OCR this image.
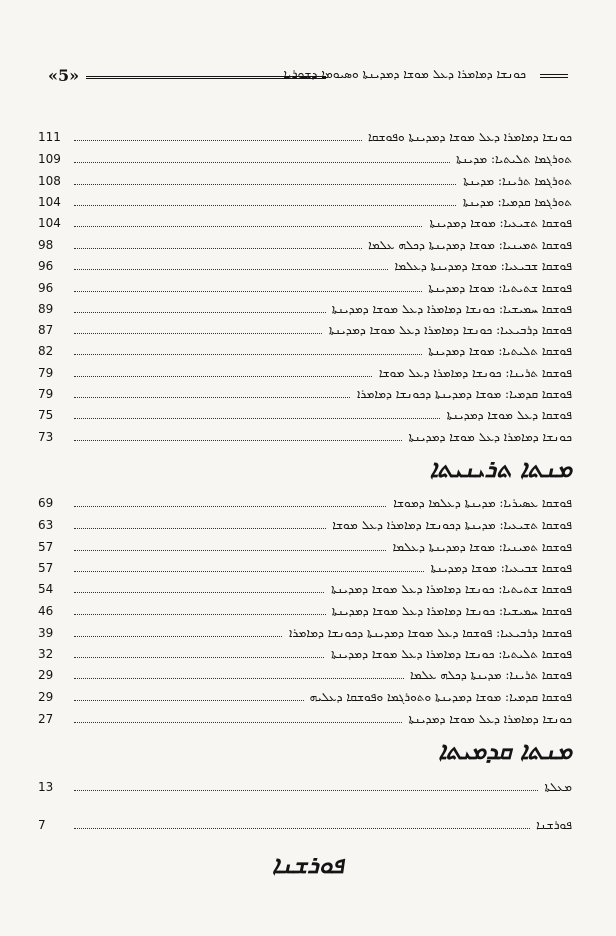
«5»	ܟܘܢܫܐ ܕܡܐܡܪܐ ܕܥܠ ܡܘܫܐ ܕܡܕܝܢܬܐ ܘܣܝܘܡܐ ܕܫܘܪܝܐ
111	ܟܘܢܫܐ ܕܡܐܡܪܐ ܕܥܠ ܡܘܫܐ ܕܡܕܝܢܬܐ ܘܦܘܫܩܐ
109	ܬܘܪܓܡܐ ܬܠܝܬܝܐ: ܡܕܝܢܬܐ
108	ܬܘܪܓܡܐ ܬܪܝܢܐ: ܡܕܝܢܬܐ
104	ܬܘܪܓܡܐ ܩܕܡܝܐ: ܡܕܝܢܬܐ
104	ܦܘܫܩܐ ܬܫܝܥܝܐ: ܡܘܫܐ ܕܡܕܝܢܬܐ
98	ܦܘܫܩܐ ܬܡܝܢܝܐ: ܡܘܫܐ ܕܡܕܝܢܬܐ ܕܟܠܗ ܥܠܡܐ
96	ܦܘܫܩܐ ܫܒܝܥܝܐ: ܡܘܫܐ ܕܡܕܝܢܬܐ ܕܥܠܡܐ
96	ܦܘܫܩܐ ܫܬܝܬܝܐ: ܡܘܫܐ ܕܡܕܝܢܬܐ
89	ܦܘܫܩܐ ܚܡܝܫܝܐ: ܟܘܢܫܐ ܕܡܐܡܪܐ ܕܥܠ ܡܘܫܐ ܕܡܕܝܢܬܐ
87	ܦܘܫܩܐ ܕܪܒܝܥܝܐ: ܟܘܢܫܐ ܕܡܐܡܪܐ ܕܥܠ ܡܘܫܐ ܕܡܕܝܢܬܐ
82	ܦܘܫܩܐ ܬܠܝܬܝܐ: ܡܘܫܐ ܕܡܕܝܢܬܐ
79	ܦܘܫܩܐ ܬܪܝܢܐ: ܟܘܢܫܐ ܕܡܐܡܪܐ ܕܥܠ ܡܘܫܐ
79	ܦܘܫܩܐ ܩܕܡܝܐ: ܡܘܫܐ ܕܡܕܝܢܬܐ ܕܟܘܢܫܐ ܕܡܐܡܪܐ
75	ܦܘܫܩܐ ܕܥܠ ܡܘܫܐ ܕܡܕܝܢܬܐ
73	ܟܘܢܫܐ ܕܡܐܡܪܐ ܕܥܠ ܡܘܫܐ ܕܡܕܝܢܬܐ
ܡܢܬܐ ܬܪܝܢܝܬܐ
69	ܦܘܫܩܐ ܥܣܝܪܝܐ: ܡܕܝܢܬܐ ܕܥܠܡܐ ܕܡܘܫܐ
63	ܦܘܫܩܐ ܬܫܝܥܝܐ: ܡܕܝܢܬܐ ܕܟܘܢܫܐ ܕܡܐܡܪܐ ܕܥܠ ܡܘܫܐ
57	ܦܘܫܩܐ ܬܡܝܢܝܐ: ܡܘܫܐ ܕܡܕܝܢܬܐ ܕܥܠܡܐ
57	ܦܘܫܩܐ ܫܒܝܥܝܐ: ܡܘܫܐ ܕܡܕܝܢܬܐ
54	ܦܘܫܩܐ ܫܬܝܬܝܐ: ܟܘܢܫܐ ܕܡܐܡܪܐ ܕܥܠ ܡܘܫܐ ܕܡܕܝܢܬܐ
46	ܦܘܫܩܐ ܚܡܝܫܝܐ: ܟܘܢܫܐ ܕܡܐܡܪܐ ܕܥܠ ܡܘܫܐ ܕܡܕܝܢܬܐ
39	ܦܘܫܩܐ ܕܪܒܝܥܝܐ: ܦܘܫܩܐ ܕܥܠ ܡܘܫܐ ܕܡܕܝܢܬܐ ܕܟܘܢܫܐ ܕܡܐܡܪܐ
32	ܦܘܫܩܐ ܬܠܝܬܝܐ: ܟܘܢܫܐ ܕܡܐܡܪܐ ܕܥܠ ܡܘܫܐ ܕܡܕܝܢܬܐ
29	ܦܘܫܩܐ ܬܪܝܢܐ: ܡܕܝܢܬܐ ܕܟܠܗ ܥܠܡܐ
29	ܦܘܫܩܐ ܩܕܡܝܐ: ܡܘܫܐ ܕܡܕܝܢܬܐ ܘܬܘܪܓܡܐ ܘܦܘܫܩܐ ܕܥܠܝܗ
27	ܟܘܢܫܐ ܕܡܐܡܪܐ ܕܥܠ ܡܘܫܐ ܕܡܕܝܢܬܐ
ܡܢܬܐ ܩܕܡܝܬܐ
13	ܡܥܠܬܐ
7	ܦܘܪܫܢܐ
ܦܘܪܫܢܐ
